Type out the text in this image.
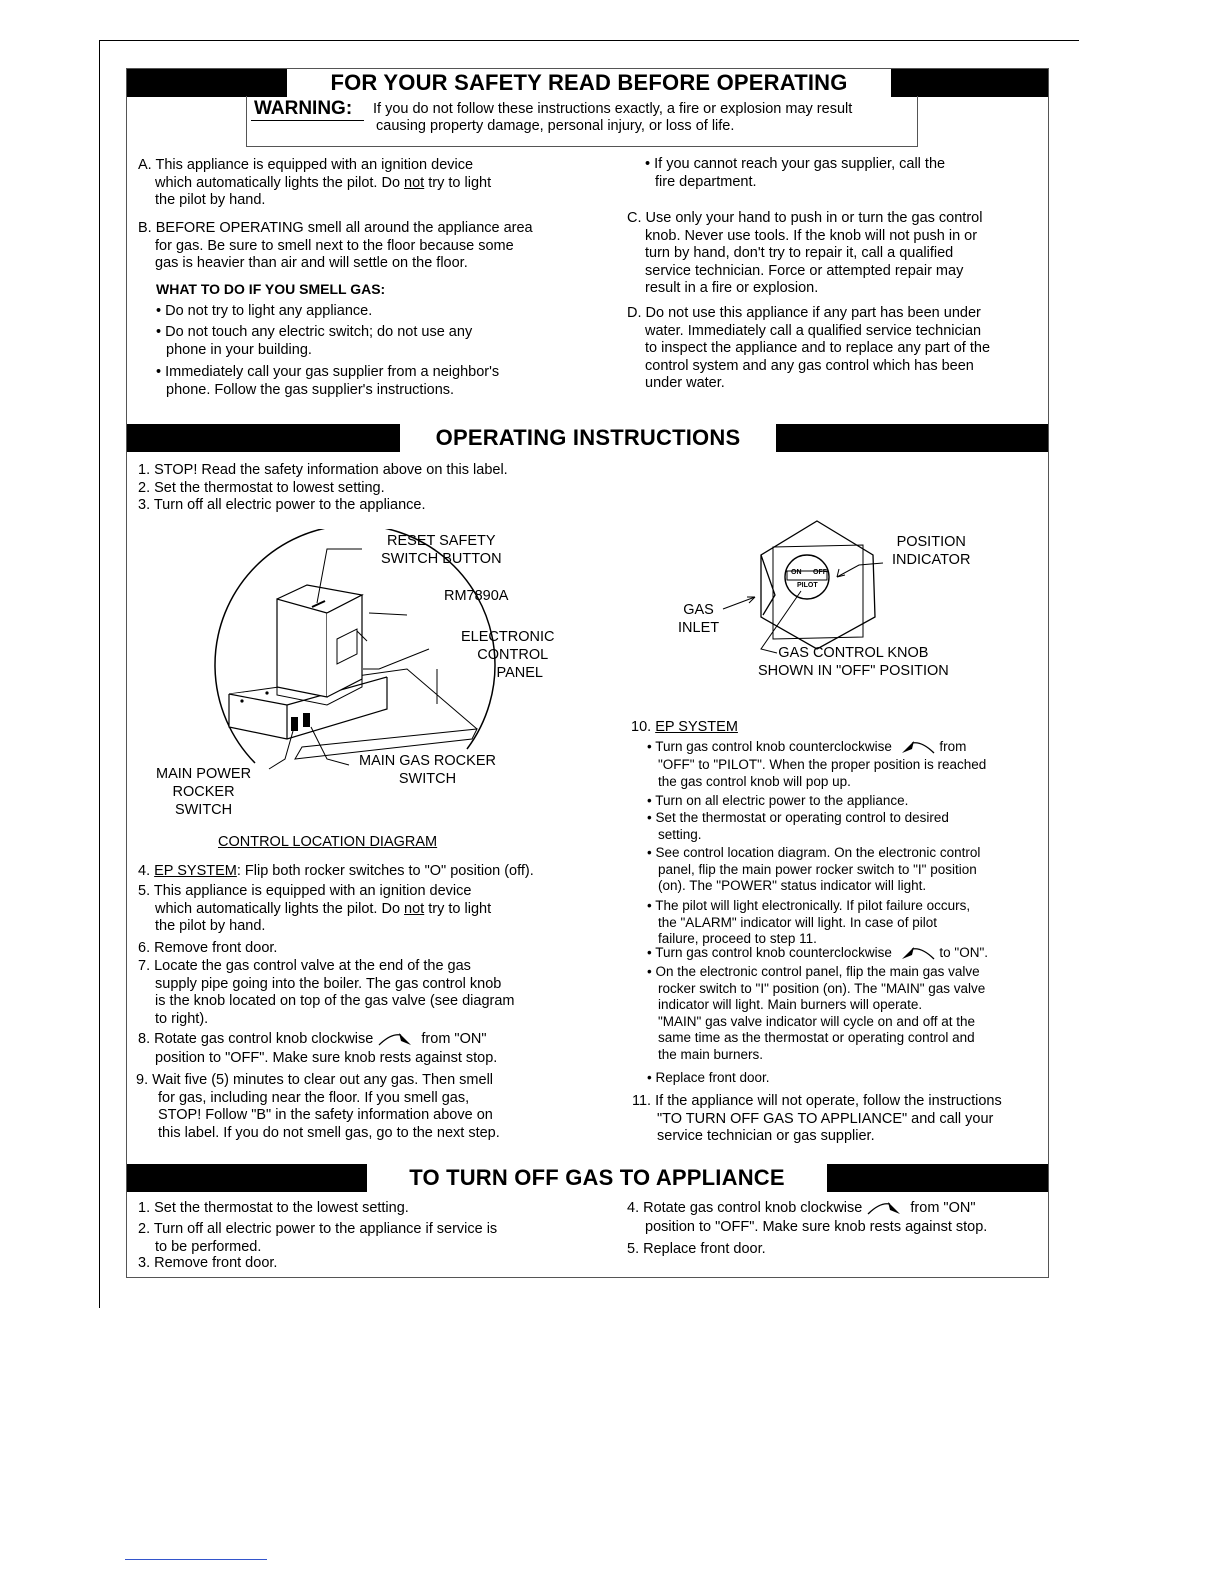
FOR YOUR SAFETY READ BEFORE OPERATING
WARNING: If you do not follow these instructions exactly, a fire or explosion may result
causing property damage, personal injury, or loss of life.
A. This appliance is equipped with an ignition device
which automatically lights the pilot. Do not try to light
the pilot by hand.
B. BEFORE OPERATING smell all around the appliance area
for gas. Be sure to smell next to the floor because some
gas is heavier than air and will settle on the floor.
WHAT TO DO IF YOU SMELL GAS:
• Do not try to light any appliance.
• Do not touch any electric switch; do not use any
phone in your building.
• Immediately call your gas supplier from a neighbor's
phone. Follow the gas supplier's instructions.
• If you cannot reach your gas supplier, call the
fire department.
C. Use only your hand to push in or turn the gas control
knob. Never use tools. If the knob will not push in or
turn by hand, don't try to repair it, call a qualified
service technician. Force or attempted repair may
result in a fire or explosion.
D. Do not use this appliance if any part has been under
water. Immediately call a qualified service technician
to inspect the appliance and to replace any part of the
control system and any gas control which has been
under water.
OPERATING INSTRUCTIONS
1. STOP! Read the safety information above on this label.
2. Set the thermostat to lowest setting.
3. Turn off all electric power to the appliance.
RESET SAFETY
SWITCH BUTTON
RM7890A
ELECTRONIC
CONTROL
PANEL
MAIN POWER
ROCKER
SWITCH
MAIN GAS ROCKER
SWITCH
CONTROL LOCATION DIAGRAM
ON OFF
PILOT
POSITION
INDICATOR
GAS
INLET
GAS CONTROL KNOB
SHOWN IN "OFF" POSITION
4. EP SYSTEM: Flip both rocker switches to "O" position (off).
5. This appliance is equipped with an ignition device
which automatically lights the pilot. Do not try to light
the pilot by hand.
6. Remove front door.
7. Locate the gas control valve at the end of the gas
supply pipe going into the boiler. The gas control knob
is the knob located on top of the gas valve (see diagram
to right).
8. Rotate gas control knob clockwise	from "ON"
position to "OFF". Make sure knob rests against stop.
9. Wait five (5) minutes to clear out any gas. Then smell
for gas, including near the floor. If you smell gas,
STOP! Follow "B" in the safety information above on
this label. If you do not smell gas, go to the next step.
10. EP SYSTEM
• Turn gas control knob counterclockwise	from
"OFF" to "PILOT". When the proper position is reached
the gas control knob will pop up.
• Turn on all electric power to the appliance.
• Set the thermostat or operating control to desired
setting.
• See control location diagram. On the electronic control
panel, flip the main power rocker switch to "I" position
(on). The "POWER" status indicator will light.
• The pilot will light electronically. If pilot failure occurs,
the "ALARM" indicator will light. In case of pilot
failure, proceed to step 11.
• Turn gas control knob counterclockwise	to "ON".
• On the electronic control panel, flip the main gas valve
rocker switch to "I" position (on). The "MAIN" gas valve
indicator will light. Main burners will operate.
"MAIN" gas valve indicator will cycle on and off at the
same time as the thermostat or operating control and
the main burners.
• Replace front door.
11. If the appliance will not operate, follow the instructions
"TO TURN OFF GAS TO APPLIANCE" and call your
service technician or gas supplier.
TO TURN OFF GAS TO APPLIANCE
1. Set the thermostat to the lowest setting.
2. Turn off all electric power to the appliance if service is
to be performed.
3. Remove front door.
4. Rotate gas control knob clockwise	from "ON"
position to "OFF". Make sure knob rests against stop.
5. Replace front door.
